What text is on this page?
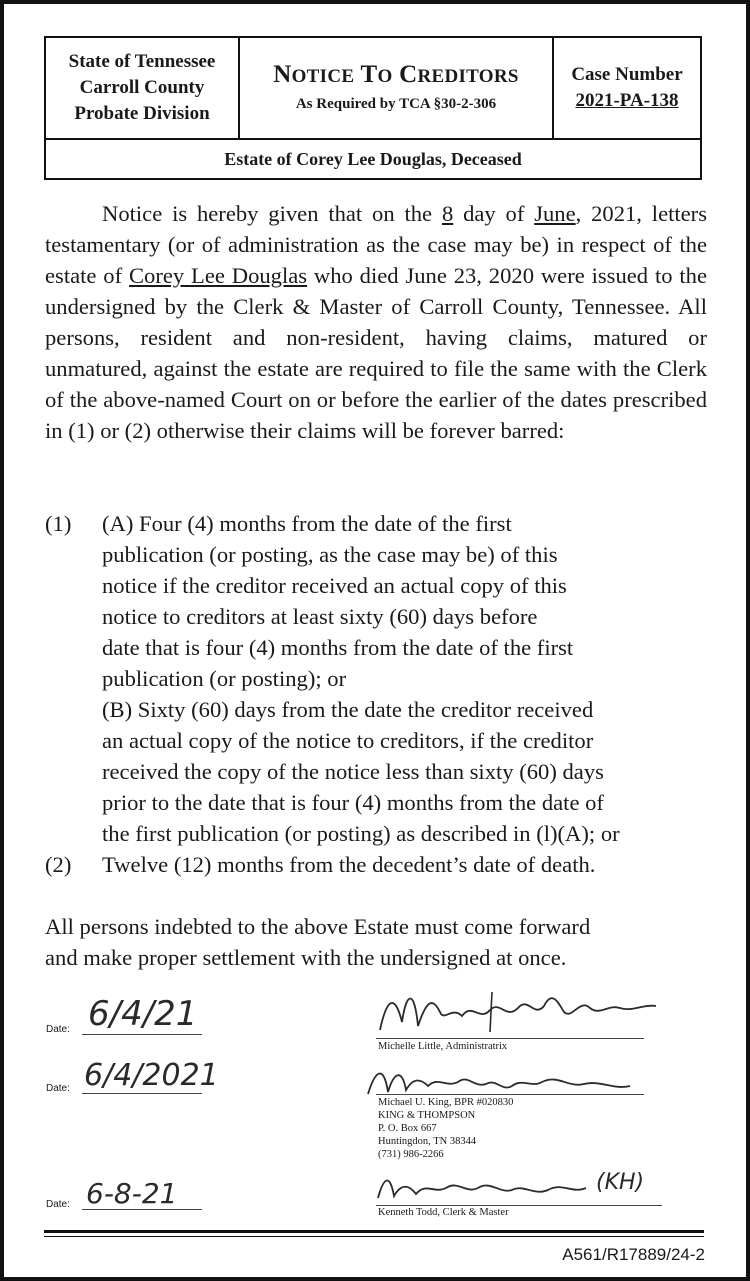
State of Tennessee
Carroll County
Probate Division
NOTICE TO CREDITORS
As Required by TCA §30-2-306
Case Number
2021-PA-138
Estate of Corey Lee Douglas, Deceased

Notice is hereby given that on the 8 day of June, 2021, letters testamentary (or of administration as the case may be) in respect of the estate of Corey Lee Douglas who died June 23, 2020 were issued to the undersigned by the Clerk & Master of Carroll County, Tennessee. All persons, resident and non-resident, having claims, matured or unmatured, against the estate are required to file the same with the Clerk of the above-named Court on or before the earlier of the dates prescribed in (1) or (2) otherwise their claims will be forever barred:

(1) (A) Four (4) months from the date of the first
publication (or posting, as the case may be) of this
notice if the creditor received an actual copy of this
notice to creditors at least sixty (60) days before
date that is four (4) months from the date of the first
publication (or posting); or
(B) Sixty (60) days from the date the creditor received
an actual copy of the notice to creditors, if the creditor
received the copy of the notice less than sixty (60) days
prior to the date that is four (4) months from the date of
the first publication (or posting) as described in (l)(A); or
(2) Twelve (12) months from the decedent’s date of death.
All persons indebted to the above Estate must come forward
and make proper settlement with the undersigned at once.
Date: 6/4/21
Date: 6/4/2021
Date: 6-8-21
Michelle Little, Administratrix
Michael U. King, BPR #020830
KING & THOMPSON
P. O. Box 667
Huntingdon, TN 38344
(731) 986-2266
(KH)
Kenneth Todd, Clerk & Master
A561/R17889/24-2
